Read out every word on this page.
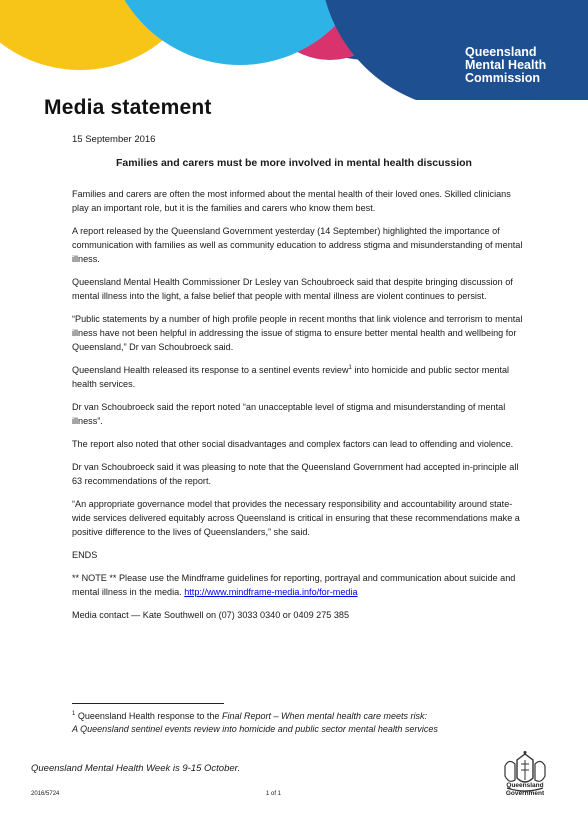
Queensland
Mental Health
Commission
Media statement
15 September 2016
Families and carers must be more involved in mental health discussion

Families and carers are often the most informed about the mental health of their loved ones. Skilled clinicians play an important role, but it is the families and carers who know them best.

A report released by the Queensland Government yesterday (14 September) highlighted the importance of communication with families as well as community education to address stigma and misunderstanding of mental illness.

Queensland Mental Health Commissioner Dr Lesley van Schoubroeck said that despite bringing discussion of mental illness into the light, a false belief that people with mental illness are violent continues to persist.

“Public statements by a number of high profile people in recent months that link violence and terrorism to mental illness have not been helpful in addressing the issue of stigma to ensure better mental health and wellbeing for Queensland,” Dr van Schoubroeck said.

Queensland Health released its response to a sentinel events review$^1$ into homicide and public sector mental health services.

Dr van Schoubroeck said the report noted “an unacceptable level of stigma and misunderstanding of mental illness”.

The report also noted that other social disadvantages and complex factors can lead to offending and violence.

Dr van Schoubroeck said it was pleasing to note that the Queensland Government had accepted in-principle all 63 recommendations of the report.

“An appropriate governance model that provides the necessary responsibility and accountability around state-wide services delivered equitably across Queensland is critical in ensuring that these recommendations make a positive difference to the lives of Queenslanders,” she said.

ENDS

** NOTE ** Please use the Mindframe guidelines for reporting, portrayal and communication about suicide and mental illness in the media. http://www.mindframe-media.info/for-media

Media contact — Kate Southwell on (07) 3033 0340 or 0409 275 385

$^1$ Queensland Health response to the Final Report – When mental health care meets risk:
A Queensland sentinel events review into homicide and public sector mental health services
Queensland Mental Health Week is 9-15 October.
2016/5724	1 of 1
Queensland
Government
